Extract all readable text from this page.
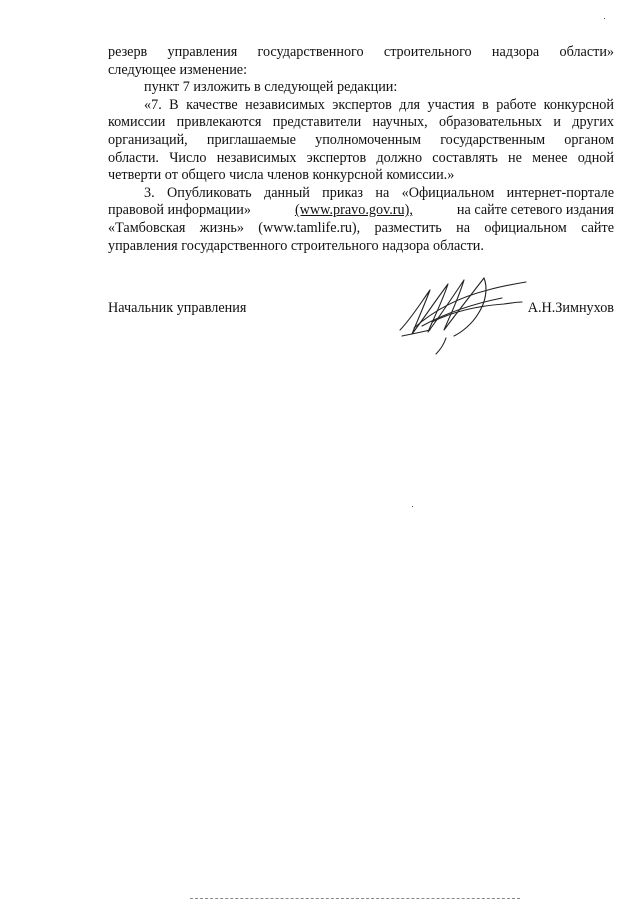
резерв управления государственного строительного надзора области»
следующее изменение:
пункт 7 изложить в следующей редакции:
«7. В качестве независимых экспертов для участия в работе конкурсной
комиссии привлекаются представители научных, образовательных и других
организаций, приглашаемые уполномоченным государственным органом
области. Число независимых экспертов должно составлять не менее одной
четверти от общего числа членов конкурсной комиссии.»
3. Опубликовать данный приказ на «Официальном интернет-портале
правовой информации»	(www.pravo.gov.ru),	на сайте сетевого издания
«Тамбовская жизнь» (www.tamlife.ru), разместить на официальном сайте
управления государственного строительного надзора области.
Начальник управления	А.Н.Зимнухов
